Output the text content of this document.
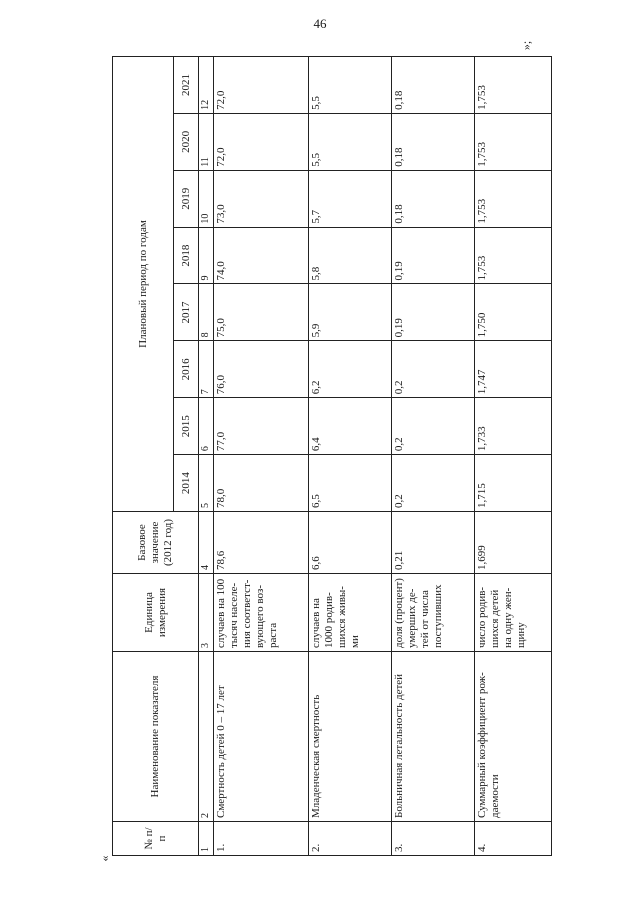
46
«
»;
№ п/п	Наименование показателя	Единица измерения	Базовое значение (2012 год)	Плановый период по годам							
				2014	2015	2016	2017	2018	2019	2020	2021
1	2	3	4	5	6	7	8	9	10	11	12
1.	Смертность детей 0 – 17 лет	случаев на 100 тысяч населе-ния соответст-вующего воз-раста	78,6	78,0	77,0	76,0	75,0	74,0	73,0	72,0	72,0
2.	Младенческая смертность	случаев на 1000 родив-шихся живы-ми	6,6	6,5	6,4	6,2	5,9	5,8	5,7	5,5	5,5
3.	Больничная летальность детей	доля (процент) умерших де-тей от числа поступивших	0,21	0,2	0,2	0,2	0,19	0,19	0,18	0,18	0,18
4.	Суммарный коэффициент рож-даемости	число родив-шихся детей на одну жен-щину	1,699	1,715	1,733	1,747	1,750	1,753	1,753	1,753	1,753
